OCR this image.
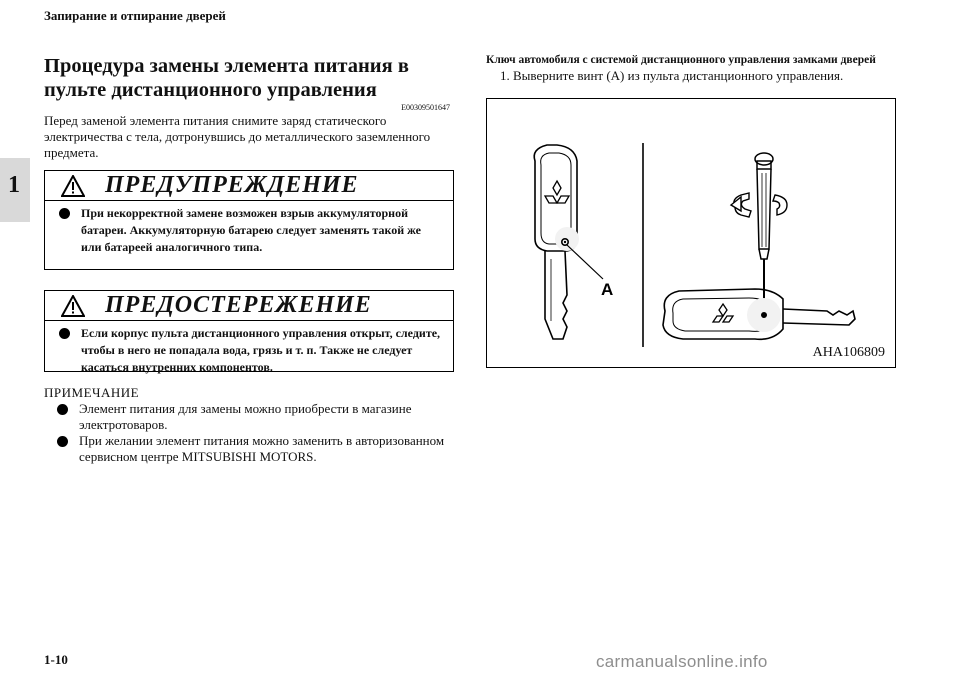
Запирание и отпирание дверей
1
Процедура замены элемента питания в пульте дистанционного управления
E00309501647
Перед заменой элемента питания снимите заряд статического электричества с тела, дотронувшись до металлического заземленного предмета.
ПРЕДУПРЕЖДЕНИЕ
При некорректной замене возможен взрыв аккумуляторной батареи. Аккумуляторную батарею следует заменять такой же или батареей аналогичного типа.
ПРЕДОСТЕРЕЖЕНИЕ
Если корпус пульта дистанционного управления открыт, следите, чтобы в него не попадала вода, грязь и т. п. Также не следует касаться внутренних компонентов.
ПРИМЕЧАНИЕ
Элемент питания для замены можно приобрести в магазине электротоваров.
При желании элемент питания можно заменить в авторизованном сервисном центре MITSUBISHI MOTORS.
Ключ автомобиля с системой дистанционного управления замками дверей
1. Выверните винт (A) из пульта дистанционного управления.
A
AHA106809
1-10	carmanualsonline.info
